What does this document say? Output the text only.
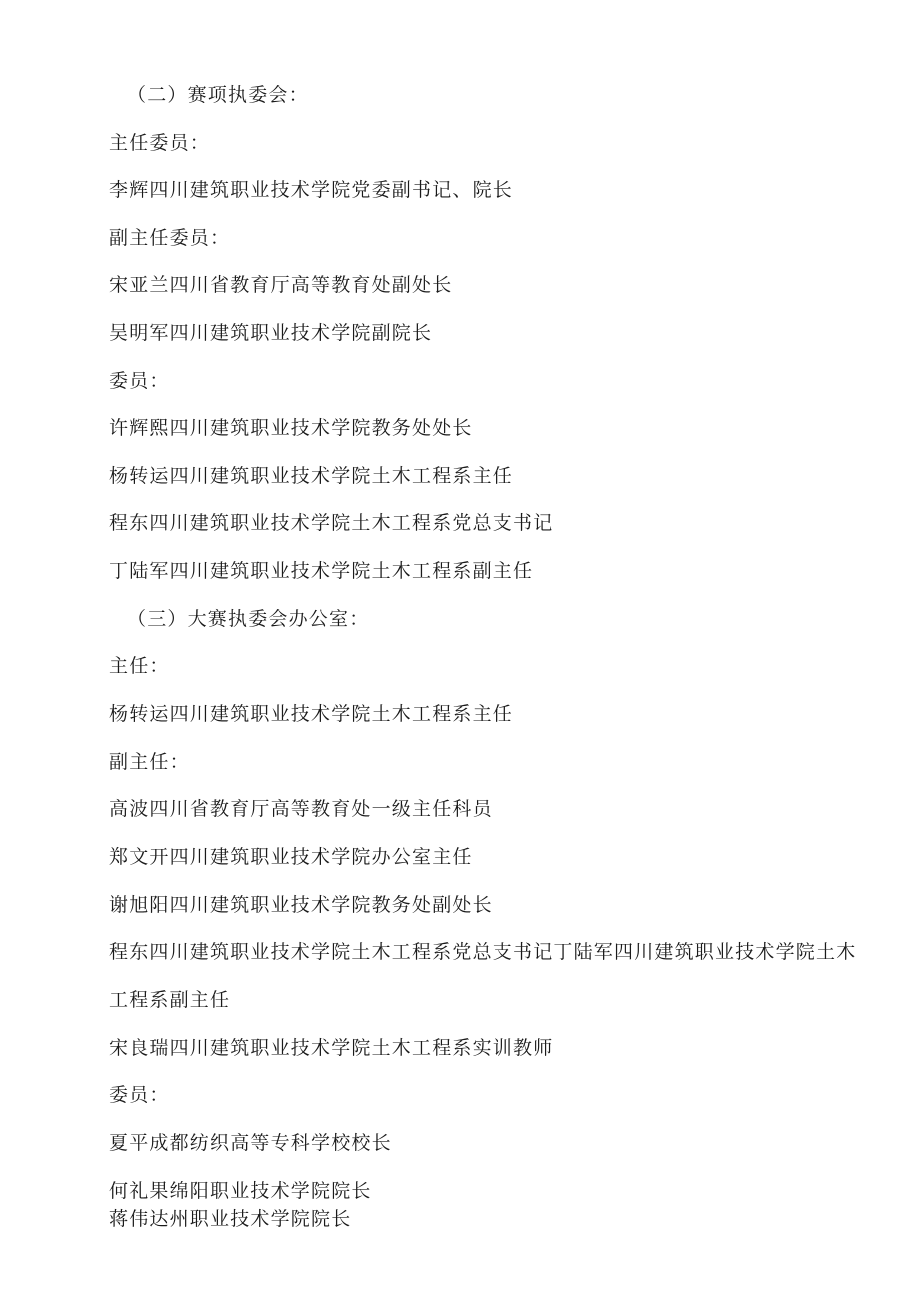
（二）赛项执委会：
主任委员：
李辉四川建筑职业技术学院党委副书记、院长
副主任委员：
宋亚兰四川省教育厅高等教育处副处长
吴明军四川建筑职业技术学院副院长
委员：
许辉熙四川建筑职业技术学院教务处处长
杨转运四川建筑职业技术学院土木工程系主任
程东四川建筑职业技术学院土木工程系党总支书记
丁陆军四川建筑职业技术学院土木工程系副主任
（三）大赛执委会办公室：
主任：
杨转运四川建筑职业技术学院土木工程系主任
副主任：
高波四川省教育厅高等教育处一级主任科员
郑文开四川建筑职业技术学院办公室主任
谢旭阳四川建筑职业技术学院教务处副处长
程东四川建筑职业技术学院土木工程系党总支书记丁陆军四川建筑职业技术学院土木
工程系副主任
宋良瑞四川建筑职业技术学院土木工程系实训教师
委员：
夏平成都纺织高等专科学校校长
何礼果绵阳职业技术学院院长
蒋伟达州职业技术学院院长
